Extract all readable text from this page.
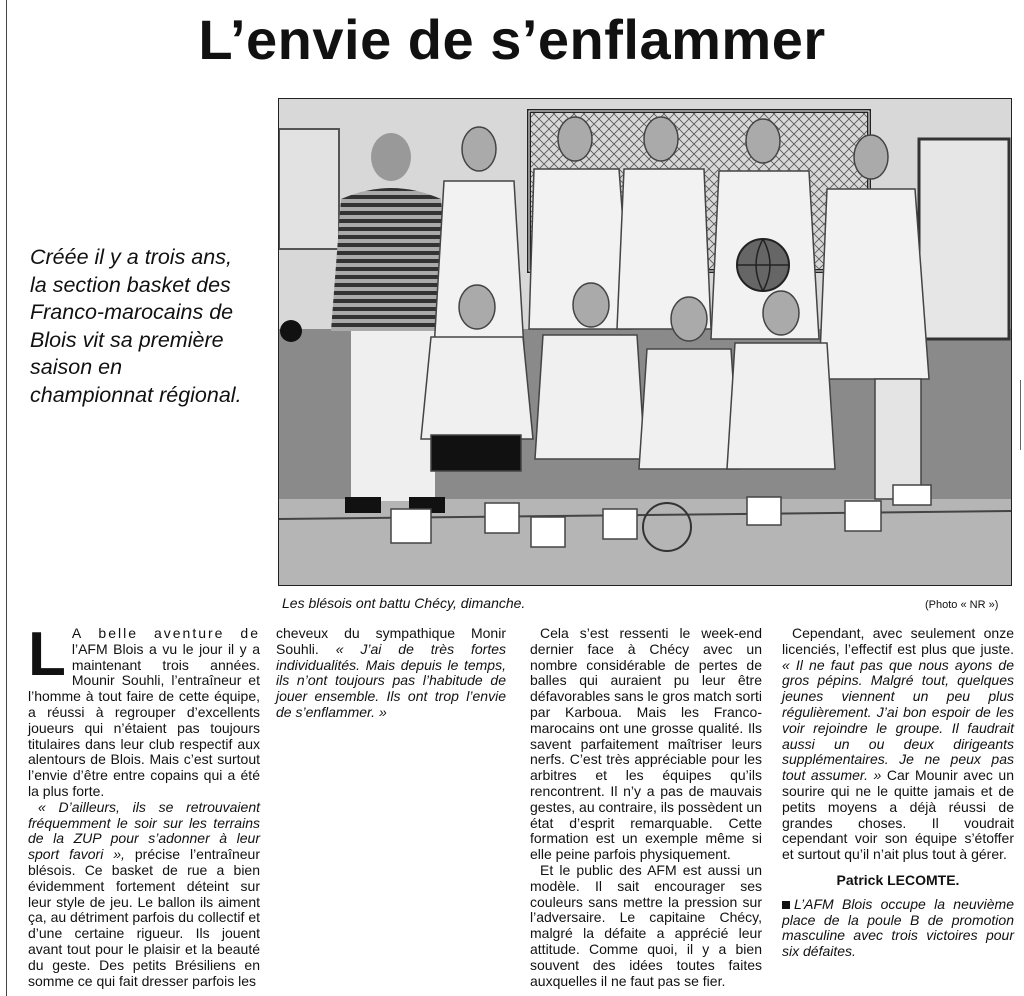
L’envie de s’enflammer

Créée il y a trois ans, la section basket des Franco-marocains de Blois vit sa première saison en championnat régional.

Les blésois ont battu Chécy, dimanche.	(Photo « NR »)

L A belle aventure de l’AFM Blois a vu le jour il y a maintenant trois années. Mounir Souhli, l’entraîneur et l’homme à tout faire de cette équipe, a réussi à regrouper d’excellents joueurs qui n’étaient pas toujours titulaires dans leur club respectif aux alentours de Blois. Mais c’est surtout l’envie d’être entre copains qui a été la plus forte.

« D’ailleurs, ils se retrouvaient fréquemment le soir sur les terrains de la ZUP pour s’adonner à leur sport favori », précise l’entraîneur blésois. Ce basket de rue a bien évidemment fortement déteint sur leur style de jeu. Le ballon ils aiment ça, au détriment parfois du collectif et d’une certaine rigueur. Ils jouent avant tout pour le plaisir et la beauté du geste. Des petits Brésiliens en somme ce qui fait dresser parfois les

cheveux du sympathique Monir Souhli. « J’ai de très fortes individualités. Mais depuis le temps, ils n’ont toujours pas l’habitude de jouer ensemble. Ils ont trop l’envie de s’enflammer. »

Cela s’est ressenti le week-end dernier face à Chécy avec un nombre considérable de pertes de balles qui auraient pu leur être défavorables sans le gros match sorti par Karboua. Mais les Franco-marocains ont une grosse qualité. Ils savent parfaitement maîtriser leurs nerfs. C’est très appréciable pour les arbitres et les équipes qu’ils rencontrent. Il n’y a pas de mauvais gestes, au contraire, ils possèdent un état d’esprit remarquable. Cette formation est un exemple même si elle peine parfois physiquement.

Et le public des AFM est aussi un modèle. Il sait encourager ses couleurs sans mettre la pression sur l’adversaire. Le capitaine Chécy, malgré la défaite a apprécié leur attitude. Comme quoi, il y a bien souvent des idées toutes faites auxquelles il ne faut pas se fier.

Cependant, avec seulement onze licenciés, l’effectif est plus que juste. « Il ne faut pas que nous ayons de gros pépins. Malgré tout, quelques jeunes viennent un peu plus régulièrement. J’ai bon espoir de les voir rejoindre le groupe. Il faudrait aussi un ou deux dirigeants supplémentaires. Je ne peux pas tout assumer. » Car Mounir avec un sourire qui ne le quitte jamais et de petits moyens a déjà réussi de grandes choses. Il voudrait cependant voir son équipe s’étoffer et surtout qu’il n’ait plus tout à gérer.

Patrick LECOMTE.

L’AFM Blois occupe la neuvième place de la poule B de promotion masculine avec trois victoires pour six défaites.
